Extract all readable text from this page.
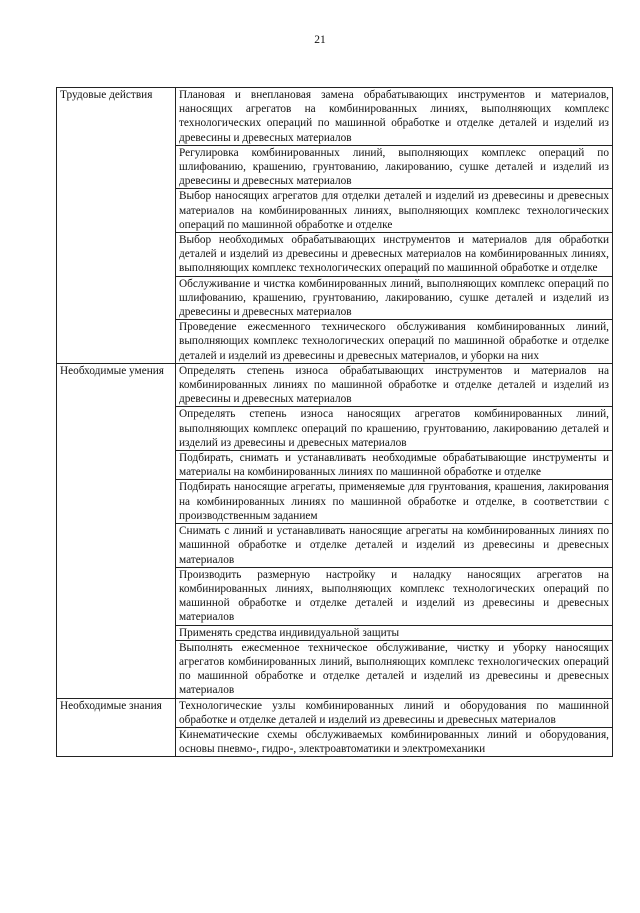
21
Трудовые действия	Плановая и внеплановая замена обрабатывающих инструментов и материалов, наносящих агрегатов на комбинированных линиях, выполняющих комплекс технологических операций по машинной обработке и отделке деталей и изделий из древесины и древесных материалов
	Регулировка комбинированных линий, выполняющих комплекс операций по шлифованию, крашению, грунтованию, лакированию, сушке деталей и изделий из древесины и древесных материалов
	Выбор наносящих агрегатов для отделки деталей и изделий из древесины и древесных материалов на комбинированных линиях, выполняющих комплекс технологических операций по машинной обработке и отделке
	Выбор необходимых обрабатывающих инструментов и материалов для обработки деталей и изделий из древесины и древесных материалов на комбинированных линиях, выполняющих комплекс технологических операций по машинной обработке и отделке
	Обслуживание и чистка комбинированных линий, выполняющих комплекс операций по шлифованию, крашению, грунтованию, лакированию, сушке деталей и изделий из древесины и древесных материалов
	Проведение ежесменного технического обслуживания комбинированных линий, выполняющих комплекс технологических операций по машинной обработке и отделке деталей и изделий из древесины и древесных материалов, и уборки на них
Необходимые умения	Определять степень износа обрабатывающих инструментов и материалов на комбинированных линиях по машинной обработке и отделке деталей и изделий из древесины и древесных материалов
	Определять степень износа наносящих агрегатов комбинированных линий, выполняющих комплекс операций по крашению, грунтованию, лакированию деталей и изделий из древесины и древесных материалов
	Подбирать, снимать и устанавливать необходимые обрабатывающие инструменты и материалы на комбинированных линиях по машинной обработке и отделке
	Подбирать наносящие агрегаты, применяемые для грунтования, крашения, лакирования на комбинированных линиях по машинной обработке и отделке, в соответствии с производственным заданием
	Снимать с линий и устанавливать наносящие агрегаты на комбинированных линиях по машинной обработке и отделке деталей и изделий из древесины и древесных материалов
	Производить размерную настройку и наладку наносящих агрегатов на комбинированных линиях, выполняющих комплекс технологических операций по машинной обработке и отделке деталей и изделий из древесины и древесных материалов
	Применять средства индивидуальной защиты
	Выполнять ежесменное техническое обслуживание, чистку и уборку наносящих агрегатов комбинированных линий, выполняющих комплекс технологических операций по машинной обработке и отделке деталей и изделий из древесины и древесных материалов
Необходимые знания	Технологические узлы комбинированных линий и оборудования по машинной обработке и отделке деталей и изделий из древесины и древесных материалов
	Кинематические схемы обслуживаемых комбинированных линий и оборудования, основы пневмо-, гидро-, электроавтоматики и электромеханики
